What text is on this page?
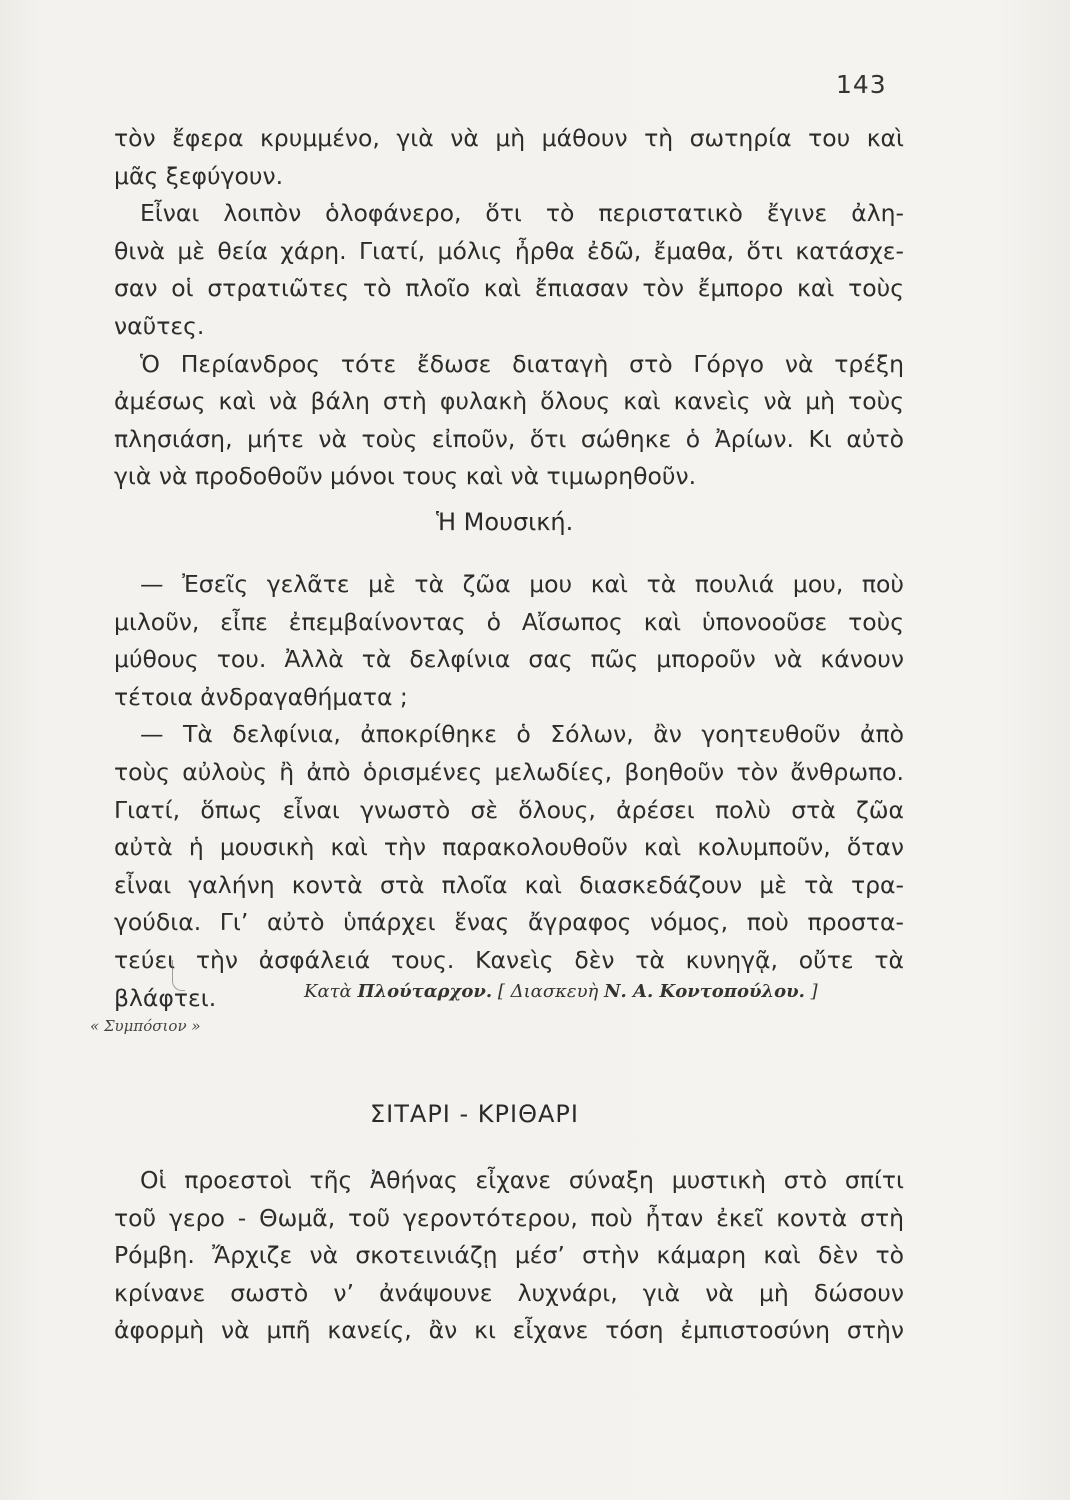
143
τὸν ἔφερα κρυμμένο, γιὰ νὰ μὴ μάθουν τὴ σωτηρία του καὶ
μᾶς ξεφύγουν.
Εἶναι λοιπὸν ὁλοφάνερο, ὅτι τὸ περιστατικὸ ἔγινε ἀλη-
θινὰ μὲ θεία χάρη. Γιατί, μόλις ἦρθα ἐδῶ, ἔμαθα, ὅτι κατάσχε-
σαν οἱ στρατιῶτες τὸ πλοῖο καὶ ἔπιασαν τὸν ἔμπορο καὶ τοὺς
ναῦτες.
Ὁ Περίανδρος τότε ἔδωσε διαταγὴ στὸ Γόργο νὰ τρέξη
ἀμέσως καὶ νὰ βάλη στὴ φυλακὴ ὅλους καὶ κανεὶς νὰ μὴ τοὺς
πλησιάση, μήτε νὰ τοὺς εἰποῦν, ὅτι σώθηκε ὁ Ἀρίων. Κι αὐτὸ
γιὰ νὰ προδοθοῦν μόνοι τους καὶ νὰ τιμωρηθοῦν.
Ἡ Μουσική.
— Ἐσεῖς γελᾶτε μὲ τὰ ζῶα μου καὶ τὰ πουλιά μου, ποὺ
μιλοῦν, εἶπε ἐπεμβαίνοντας ὁ Αἴσωπος καὶ ὑπονοοῦσε τοὺς
μύθους του. Ἀλλὰ τὰ δελφίνια σας πῶς μποροῦν νὰ κάνουν
τέτοια ἀνδραγαθήματα ;
— Τὰ δελφίνια, ἀποκρίθηκε ὁ Σόλων, ἂν γοητευθοῦν ἀπὸ
τοὺς αὐλοὺς ἢ ἀπὸ ὁρισμένες μελωδίες, βοηθοῦν τὸν ἄνθρωπο.
Γιατί, ὅπως εἶναι γνωστὸ σὲ ὅλους, ἀρέσει πολὺ στὰ ζῶα
αὐτὰ ἡ μουσικὴ καὶ τὴν παρακολουθοῦν καὶ κολυμποῦν, ὅταν
εἶναι γαλήνη κοντὰ στὰ πλοῖα καὶ διασκεδάζουν μὲ τὰ τρα-
γούδια. Γι’ αὐτὸ ὑπάρχει ἕνας ἄγραφος νόμος, ποὺ προστα-
τεύει τὴν ἀσφάλειά τους. Κανεὶς δὲν τὰ κυνηγᾷ, οὔτε τὰ
βλάφτει.	Κατὰ Πλούταρχον. [ Διασκευὴ Ν. Α. Κοντοπούλου. ]
« Συμπόσιον »
ΣΙΤΑΡΙ - ΚΡΙΘΑΡΙ
Οἱ προεστοὶ τῆς Ἀθήνας εἶχανε σύναξη μυστικὴ στὸ σπίτι
τοῦ γερο - Θωμᾶ, τοῦ γεροντότερου, ποὺ ἦταν ἐκεῖ κοντὰ στὴ
Ρόμβη. Ἄρχιζε νὰ σκοτεινιάζῃ μέσ’ στὴν κάμαρη καὶ δὲν τὸ
κρίνανε σωστὸ ν’ ἀνάψουνε λυχνάρι, γιὰ νὰ μὴ δώσουν
ἀφορμὴ νὰ μπῆ κανείς, ἂν κι εἶχανε τόση ἐμπιστοσύνη στὴν
